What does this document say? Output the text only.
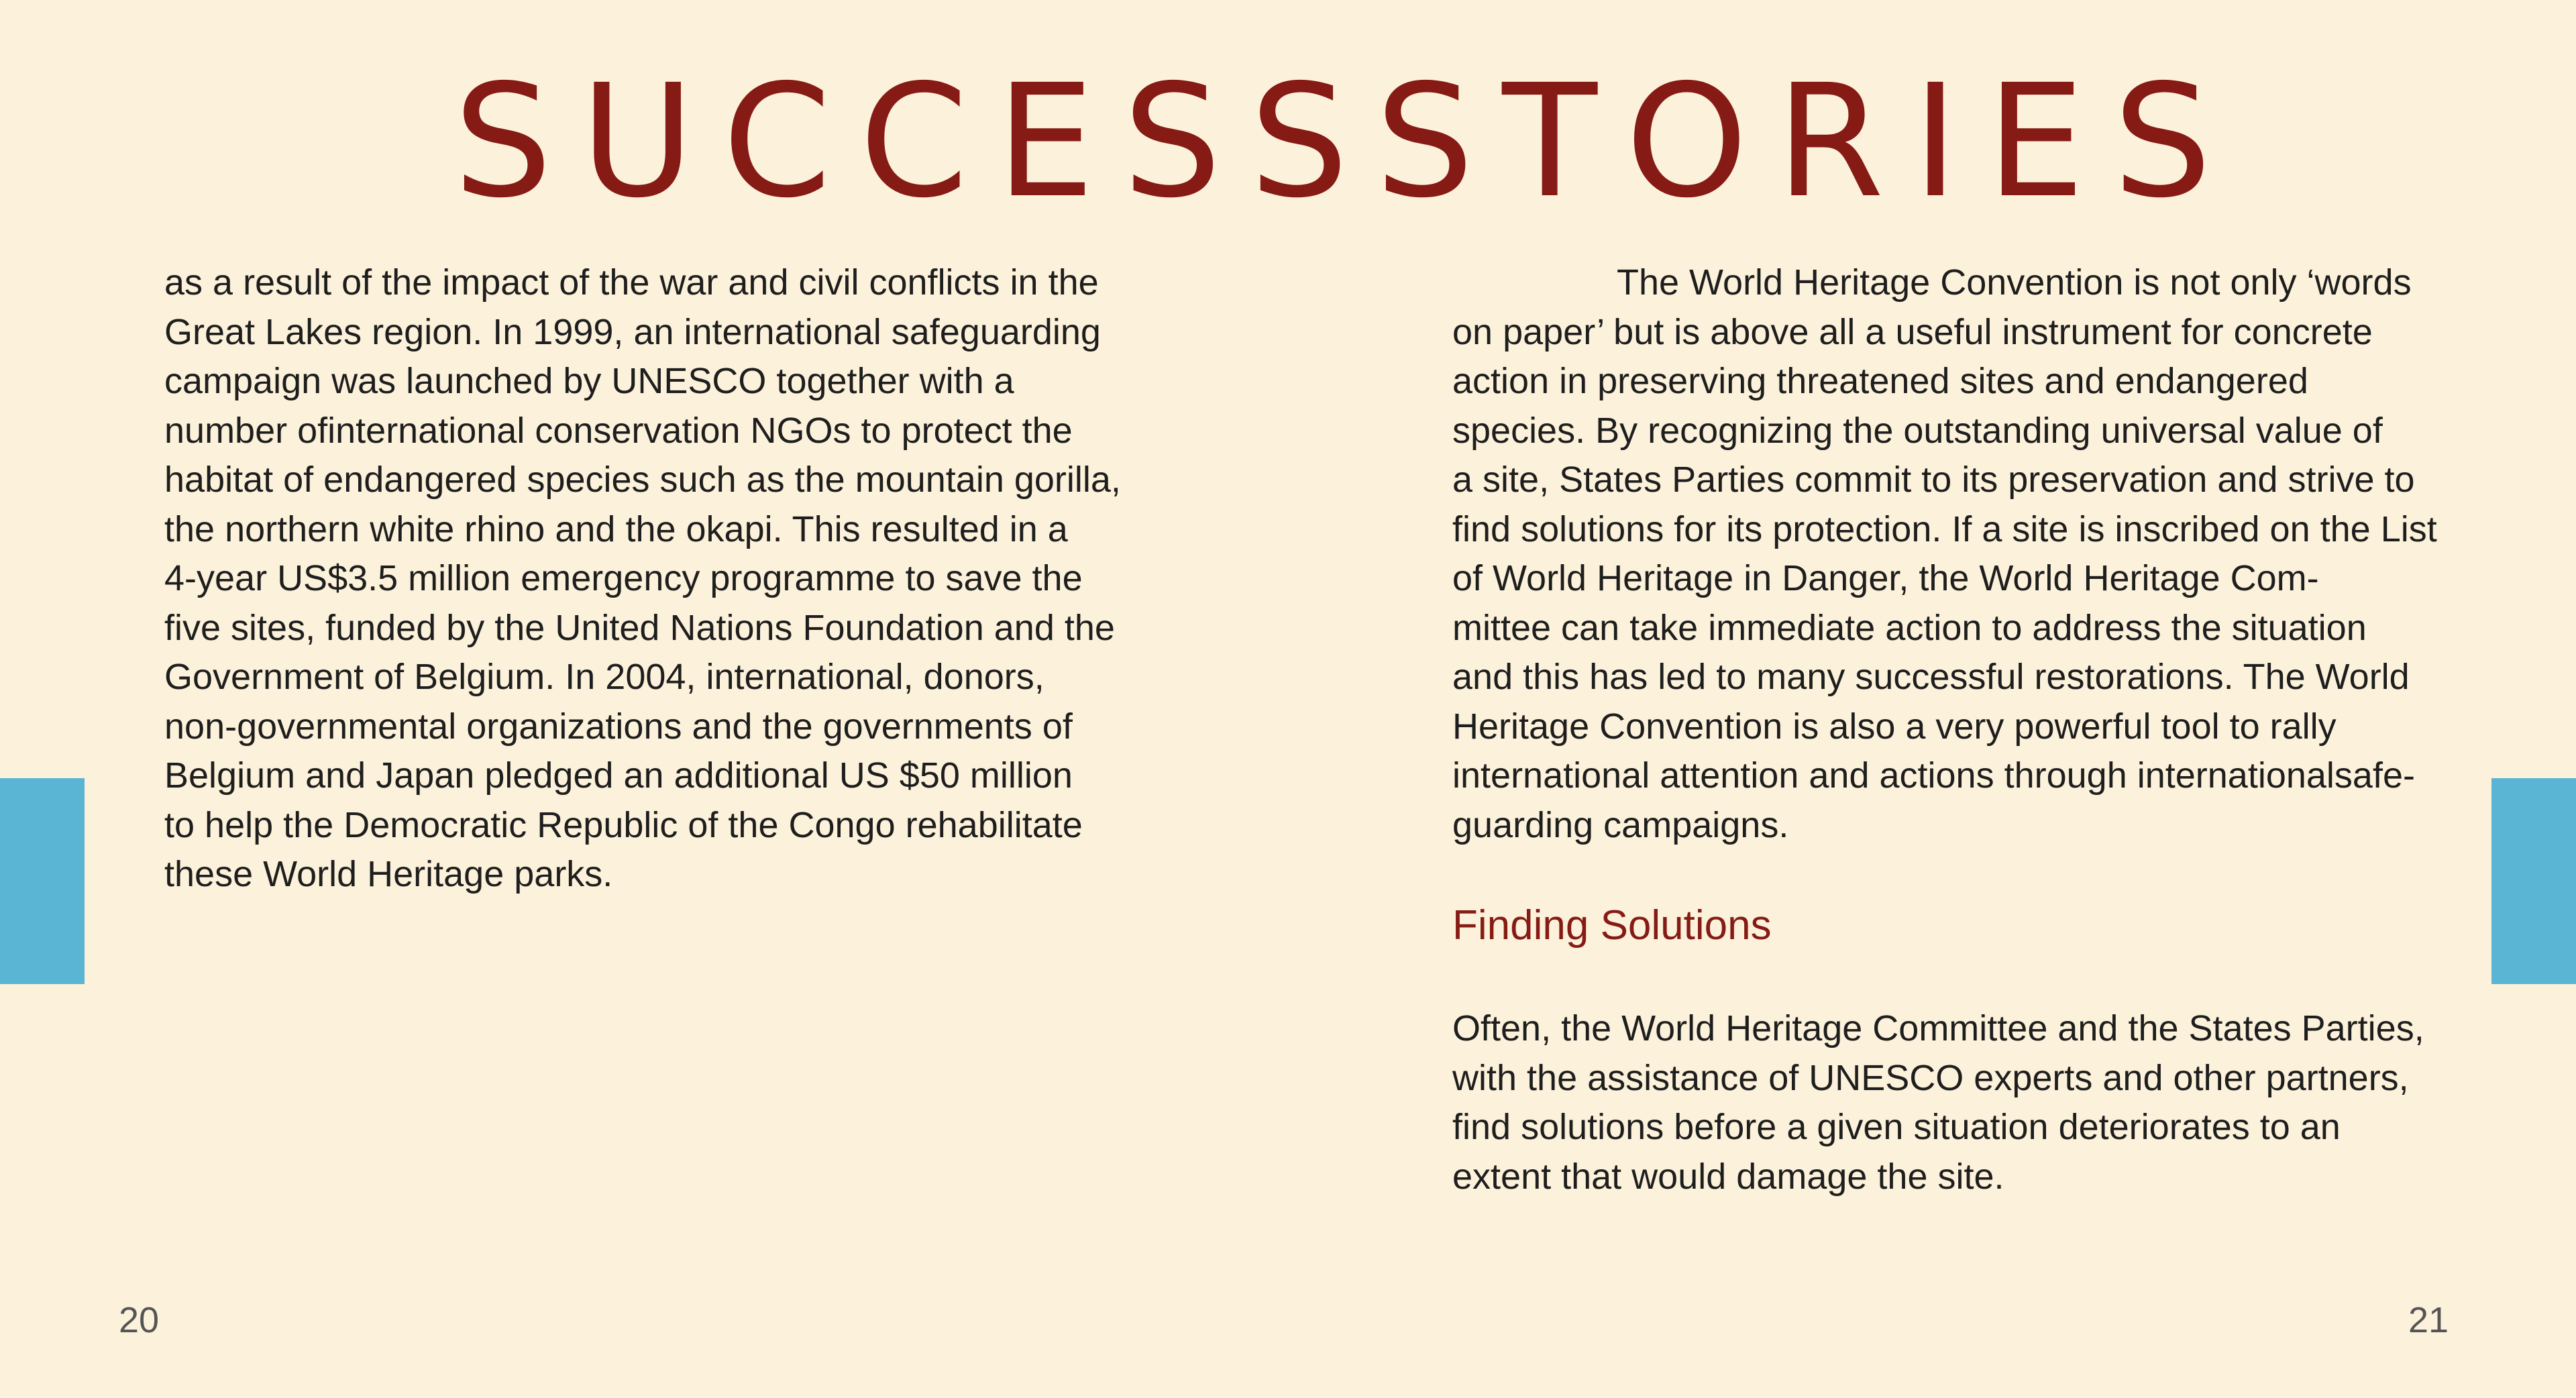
SUCCESS
STORIES
as a result of the impact of the war and civil conflicts in the
Great Lakes region. In 1999, an international safeguarding
campaign was launched by UNESCO together with a
number ofinternational conservation NGOs to protect the
habitat of endangered species such as the mountain gorilla,
the northern white rhino and the okapi. This resulted in a
4-year US$3.5 million emergency programme to save the
five sites, funded by the United Nations Foundation and the
Government of Belgium. In 2004, international, donors,
non-governmental organizations and the governments of
Belgium and Japan pledged an additional US $50 million
to help the Democratic Republic of the Congo rehabilitate
these World Heritage parks.
The World Heritage Convention is not only ‘words
on paper’ but is above all a useful instrument for concrete
action in preserving threatened sites and endangered
species. By recognizing the outstanding universal value of
a site, States Parties commit to its preservation and strive to
find solutions for its protection. If a site is inscribed on the List
of World Heritage in Danger, the World Heritage Com-
mittee can take immediate action to address the situation
and this has led to many successful restorations. The World
Heritage Convention is also a very powerful tool to rally
international attention and actions through internationalsafe-
guarding campaigns.
Finding Solutions
Often, the World Heritage Committee and the States Parties,
with the assistance of UNESCO experts and other partners,
find solutions before a given situation deteriorates to an
extent that would damage the site.
20	21
